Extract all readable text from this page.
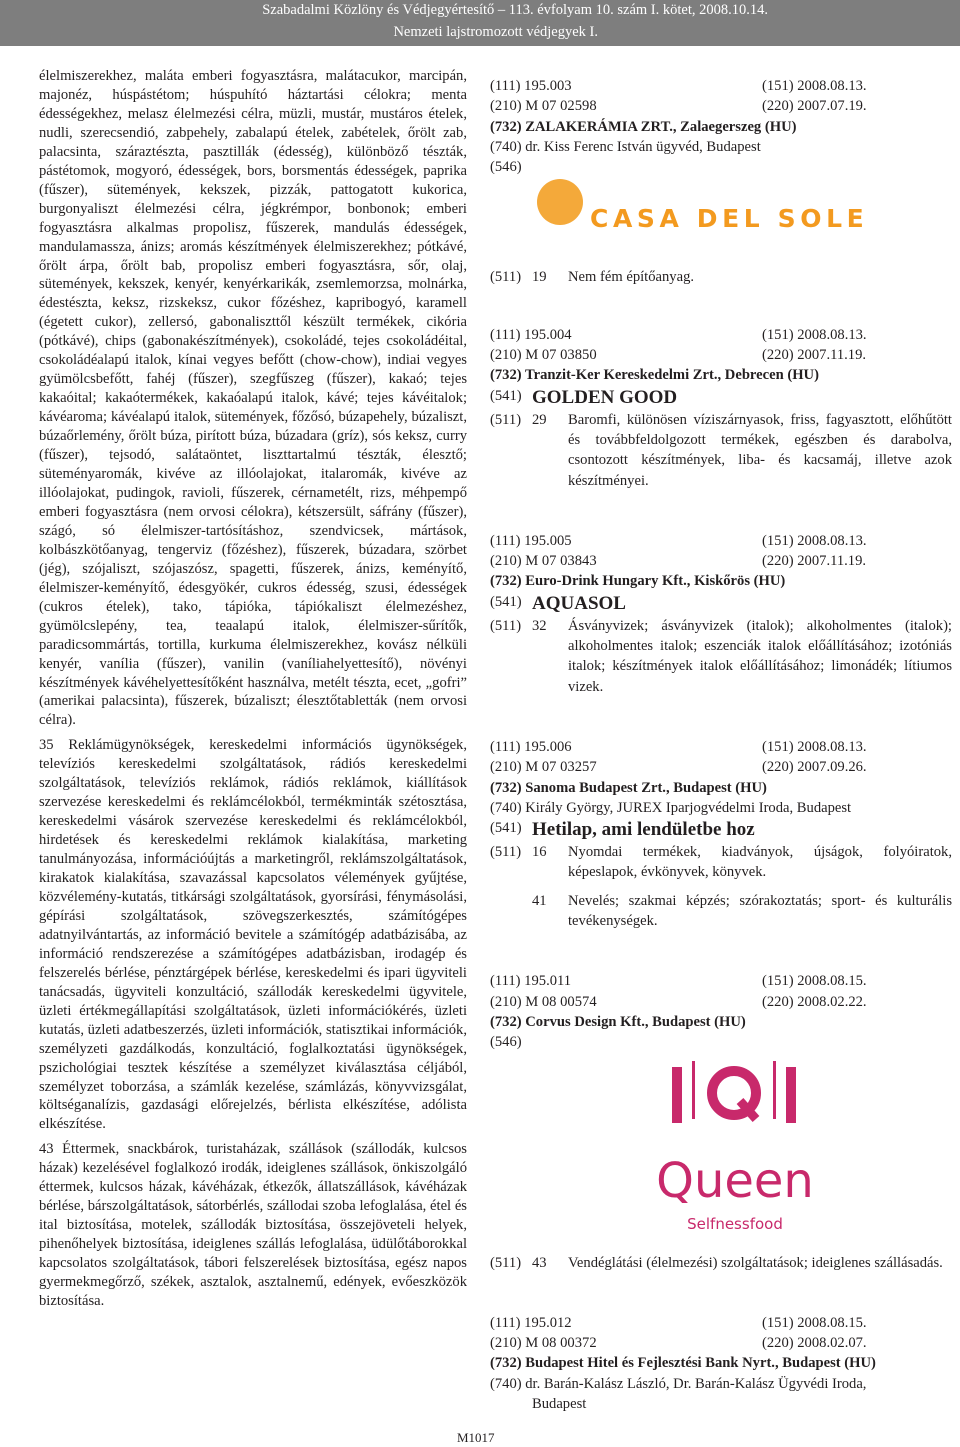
Szabadalmi Közlöny és Védjegyértesítő – 113. évfolyam 10. szám I. kötet, 2008.10.14.
Nemzeti lajstromozott védjegyek I.

élelmiszerekhez, maláta emberi fogyasztásra, malátacukor, marcipán, majonéz, húspástétom; húspuhító háztartási célokra; menta édességekhez, melasz élelmezési célra, müzli, mustár, mustáros ételek, nudli, szerecsendió, zabpehely, zabalapú ételek, zabételek, őrölt zab, palacsinta, száraztészta, pasztillák (édesség), különböző tészták, pástétomok, mogyoró, édességek, bors, borsmentás édességek, paprika (fűszer), sütemények, kekszek, pizzák, pattogatott kukorica, burgonyaliszt élelmezési célra, jégkrémpor, bonbonok; emberi fogyasztásra alkalmas propolisz, fűszerek, mandulás édességek, mandulamassza, ánizs; aromás készítmények élelmiszerekhez; pótkávé, őrölt árpa, őrölt bab, propolisz emberi fogyasztásra, sőr, olaj, sütemények, kekszek, kenyér, kenyérkarikák, zsemlemorzsa, molnárka, édestészta, keksz, rizskeksz, cukor főzéshez, kapribogyó, karamell (égetett cukor), zellersó, gabonaliszttől készült termékek, cikória (pótkávé), chips (gabonakészítmények), csokoládé, tejes csokoládéital, csokoládéalapú italok, kínai vegyes befőtt (chow-chow), indiai vegyes gyümölcsbefőtt, fahéj (fűszer), szegfűszeg (fűszer), kakaó; tejes kakaóital; kakaótermékek, kakaóalapú italok, kávé; tejes kávéitalok; kávéaroma; kávéalapú italok, sütemények, főzősó, búzapehely, búzaliszt, búzaőrlemény, őrölt búza, pirított búza, búzadara (gríz), sós keksz, curry (fűszer), tejsodó, salátaöntet, liszttartalmú tészták, élesztő; süteményaromák, kivéve az illóolajokat, italaromák, kivéve az illóolajokat, pudingok, ravioli, fűszerek, cérnametélt, rizs, méhpempő emberi fogyasztásra (nem orvosi célokra), kétszersült, sáfrány (fűszer), szágó, só élelmiszer-tartósításhoz, szendvicsek, mártások, kolbászkötőanyag, tengerviz (főzéshez), fűszerek, búzadara, szörbet (jég), szójaliszt, szójaszósz, spagetti, fűszerek, ánizs, keményítő, élelmiszer-keményítő, édesgyökér, cukros édesség, szusi, édességek (cukros ételek), tako, tápióka, tápiókaliszt élelmezéshez, gyümölcslepény, tea, teaalapú italok, élelmiszer-sűrítők, paradicsommártás, tortilla, kurkuma élelmiszerekhez, kovász nélküli kenyér, vanília (fűszer), vanilin (vaníliahelyettesítő), növényi készítmények kávéhelyettesítőként használva, metélt tészta, ecet, „gofri” (amerikai palacsinta), fűszerek, búzaliszt; élesztőtabletták (nem orvosi célra).

35 Reklámügynökségek, kereskedelmi információs ügynökségek, televíziós kereskedelmi szolgáltatások, rádiós kereskedelmi szolgáltatások, televíziós reklámok, rádiós reklámok, kiállítások szervezése kereskedelmi és reklámcélokból, termékminták szétosztása, kereskedelmi vásárok szervezése kereskedelmi és reklámcélokból, hirdetések és kereskedelmi reklámok kialakítása, marketing tanulmányozása, információújtás a marketingről, reklámszolgáltatások, kirakatok kialakítása, szavazással kapcsolatos vélemények gyűjtése, közvélemény-kutatás, titkársági szolgáltatások, gyorsírási, fénymásolási, gépírási szolgáltatások, szövegszerkesztés, számítógépes adatnyilvántartás, az információ bevitele a számítógép adatbázisába, az információ rendszerezése a számítógépes adatbázisban, irodagép és felszerelés bérlése, pénztárgépek bérlése, kereskedelmi és ipari ügyviteli tanácsadás, ügyviteli konzultáció, szállodák kereskedelmi ügyvitele, üzleti értékmegállapítási szolgáltatások, üzleti információkérés, üzleti kutatás, üzleti adatbeszerzés, üzleti információk, statisztikai információk, személyzeti gazdálkodás, konzultáció, foglalkoztatási ügynökségek, pszichológiai tesztek készítése a személyzet kiválasztása céljából, személyzet toborzása, a számlák kezelése, számlázás, könyvvizsgálat, költséganalízis, gazdasági előrejelzés, bérlista elkészítése, adólista elkészítése.

43 Éttermek, snackbárok, turistaházak, szállások (szállodák, kulcsos házak) kezelésével foglalkozó irodák, ideiglenes szállások, önkiszolgáló éttermek, kulcsos házak, kávéházak, étkezők, állatszállások, kávéházak bérlése, bárszolgáltatások, sátorbérlés, szállodai szoba lefoglalása, étel és ital biztosítása, motelek, szállodák biztosítása, összejöveteli helyek, pihenőhelyek biztosítása, ideiglenes szállás lefoglalása, üdülőtáborokkal kapcsolatos szolgáltatások, tábori felszerelések biztosítása, egész napos gyermekmegőrző, székek, asztalok, asztalnemű, edények, evőeszközök biztosítása.

(111) 195.003	(151) 2008.08.13.
(210) M 07 02598	(220) 2007.07.19.
(732) ZALAKERÁMIA ZRT., Zalaegerszeg (HU)
(740) dr. Kiss Ferenc István ügyvéd, Budapest
(546)
CASA DEL SOLE
(511) 19	Nem fém építőanyag.
(111) 195.004	(151) 2008.08.13.
(210) M 07 03850	(220) 2007.11.19.
(732) Tranzit-Ker Kereskedelmi Zrt., Debrecen (HU)
(541) GOLDEN GOOD
(511) 29	Baromfi, különösen víziszárnyasok, friss, fagyasztott, előhűtött és továbbfeldolgozott termékek, egészben és darabolva, csontozott készítmények, liba- és kacsamáj, illetve azok készítményei.
(111) 195.005	(151) 2008.08.13.
(210) M 07 03843	(220) 2007.11.19.
(732) Euro-Drink Hungary Kft., Kiskőrös (HU)
(541) AQUASOL
(511) 32	Ásványvizek; ásványvizek (italok); alkoholmentes (italok); alkoholmentes italok; eszenciák italok előállításához; izotóniás italok; készítmények italok előállításához; limonádék; lítiumos vizek.
(111) 195.006	(151) 2008.08.13.
(210) M 07 03257	(220) 2007.09.26.
(732) Sanoma Budapest Zrt., Budapest (HU)
(740) Király György, JUREX Iparjogvédelmi Iroda, Budapest
(541) Hetilap, ami lendületbe hoz
(511) 16	Nyomdai termékek, kiadványok, újságok, folyóiratok, képeslapok, évkönyvek, könyvek.
41	Nevelés; szakmai képzés; szórakoztatás; sport- és kulturális tevékenységek.
(111) 195.011	(151) 2008.08.15.
(210) M 08 00574	(220) 2008.02.22.
(732) Corvus Design Kft., Budapest (HU)
(546)
Queen
Selfnessfood
(511) 43	Vendéglátási (élelmezési) szolgáltatások; ideiglenes szállásadás.
(111) 195.012	(151) 2008.08.15.
(210) M 08 00372	(220) 2008.02.07.
(732) Budapest Hitel és Fejlesztési Bank Nyrt., Budapest (HU)
(740) dr. Barán-Kalász László, Dr. Barán-Kalász Ügyvédi Iroda,
Budapest
M1017
